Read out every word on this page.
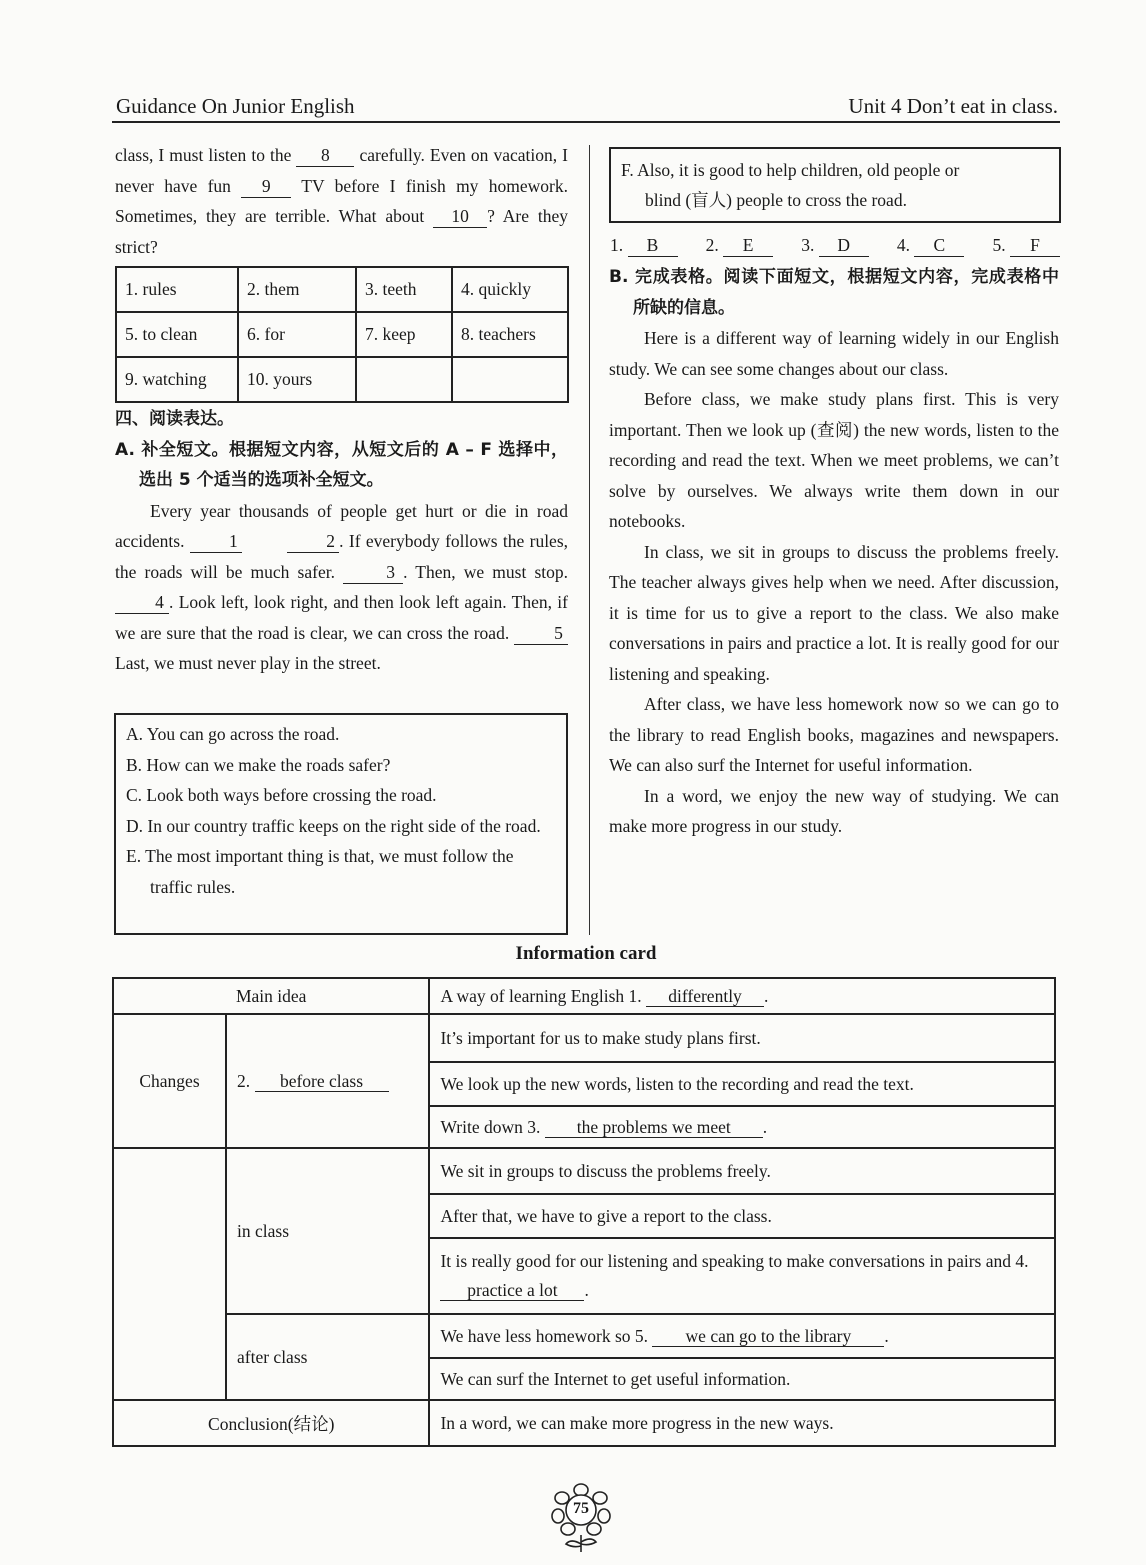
Guidance On Junior English	Unit 4 Don’t eat in class.

class, I must listen to the 8 carefully. Even on vacation, I never have fun 9 TV before I finish my homework. Sometimes, they are terrible. What about 10 ? Are they strict?

1. rules	2. them	3. teeth	4. quickly
5. to clean	6. for	7. keep	8. teachers
9. watching	10. yours		

四、阅读表达。

A. 补全短文。根据短文内容，从短文后的 A – F 选择中，选出 5 个适当的选项补全短文。

Every year thousands of people get hurt or die in road accidents.	1	2 . If everybody follows the rules, the roads will be much safer.	3 . Then, we must stop. 4 . Look left, look right, and then look left again. Then, if we are sure that the road is clear, we can cross the road.	5 Last, we must never play in the street.

A. You can go across the road.
B. How can we make the roads safer?
C. Look both ways before crossing the road.
D. In our country traffic keeps on the right side of the road.
E. The most important thing is that, we must follow the traffic rules.
F. Also, it is good to help children, old people or
blind (盲人) people to cross the road.
1. B	2. E	3. D	4. C	5. F

B. 完成表格。阅读下面短文，根据短文内容，完成表格中所缺的信息。

Here is a different way of learning widely in our English study. We can see some changes about our class.

Before class, we make study plans first. This is very important. Then we look up (查阅) the new words, listen to the recording and read the text. When we meet problems, we can’t solve by ourselves. We always write them down in our notebooks.

In class, we sit in groups to discuss the problems freely. The teacher always gives help when we need. After discussion, it is time for us to give a report to the class. We also make conversations in pairs and practice a lot. It is really good for our listening and speaking.

After class, we have less homework now so we can go to the library to read English books, magazines and newspapers. We can also surf the Internet for useful information.

In a word, we enjoy the new way of studying. We can make more progress in our study.

Information card
Main idea		A way of learning English 1. differently .
Changes	2. before class	It’s important for us to make study plans first.
		We look up the new words, listen to the recording and read the text.
		Write down 3. the problems we meet .
	in class	We sit in groups to discuss the problems freely.
		After that, we have to give a report to the class.
		It is really good for our listening and speaking to make conversations in pairs and 4. practice a lot .
	after class	We have less homework so 5. we can go to the library .
		We can surf the Internet to get useful information.
Conclusion(结论)		In a word, we can make more progress in the new ways.
75
